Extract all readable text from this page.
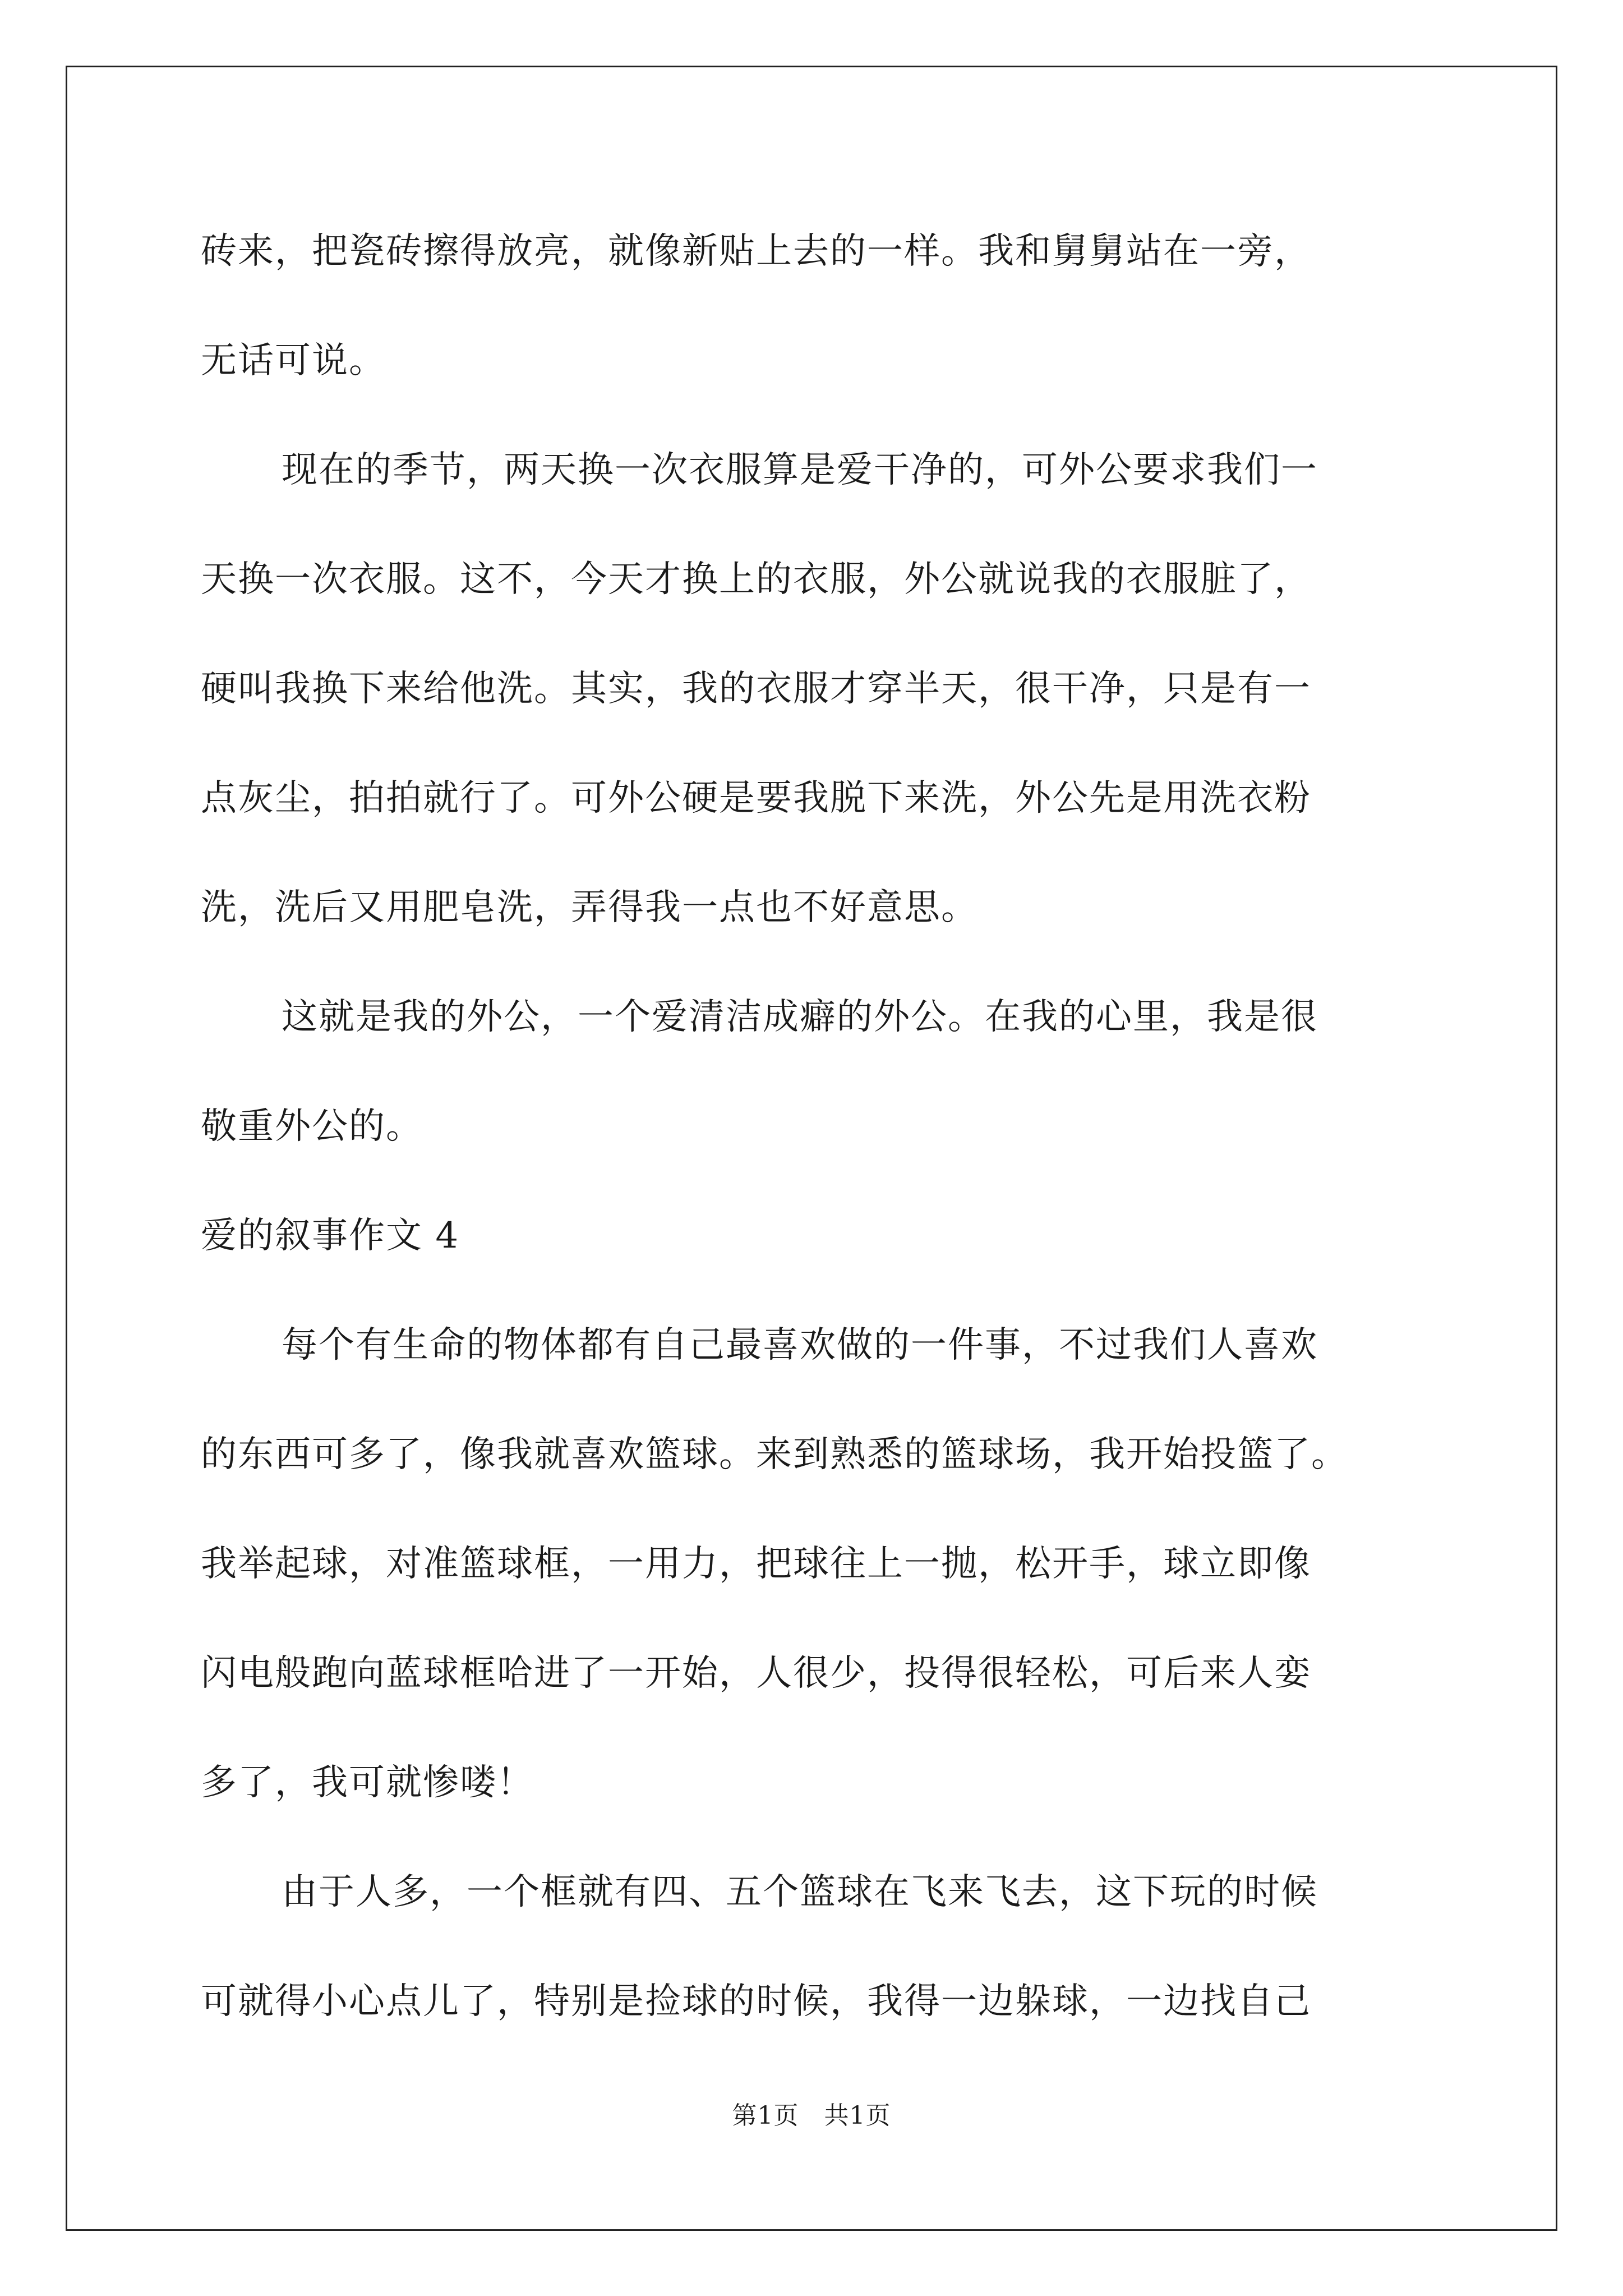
砖来，把瓷砖擦得放亮，就像新贴上去的一样。我和舅舅站在一旁，
无话可说。
现在的季节，两天换一次衣服算是爱干净的，可外公要求我们一
天换一次衣服。这不，今天才换上的衣服，外公就说我的衣服脏了，
硬叫我换下来给他洗。其实，我的衣服才穿半天，很干净，只是有一
点灰尘，拍拍就行了。可外公硬是要我脱下来洗，外公先是用洗衣粉
洗，洗后又用肥皂洗，弄得我一点也不好意思。
这就是我的外公，一个爱清洁成癖的外公。在我的心里，我是很
敬重外公的。
爱的叙事作文 4
每个有生命的物体都有自己最喜欢做的一件事，不过我们人喜欢
的东西可多了，像我就喜欢篮球。来到熟悉的篮球场，我开始投篮了。
我举起球，对准篮球框，一用力，把球往上一抛，松开手，球立即像
闪电般跑向蓝球框哈进了一开始，人很少，投得很轻松，可后来人娈
多了，我可就惨喽！
由于人多，一个框就有四、五个篮球在飞来飞去，这下玩的时候
可就得小心点儿了，特别是捡球的时候，我得一边躲球，一边找自己
第1页　共1页
